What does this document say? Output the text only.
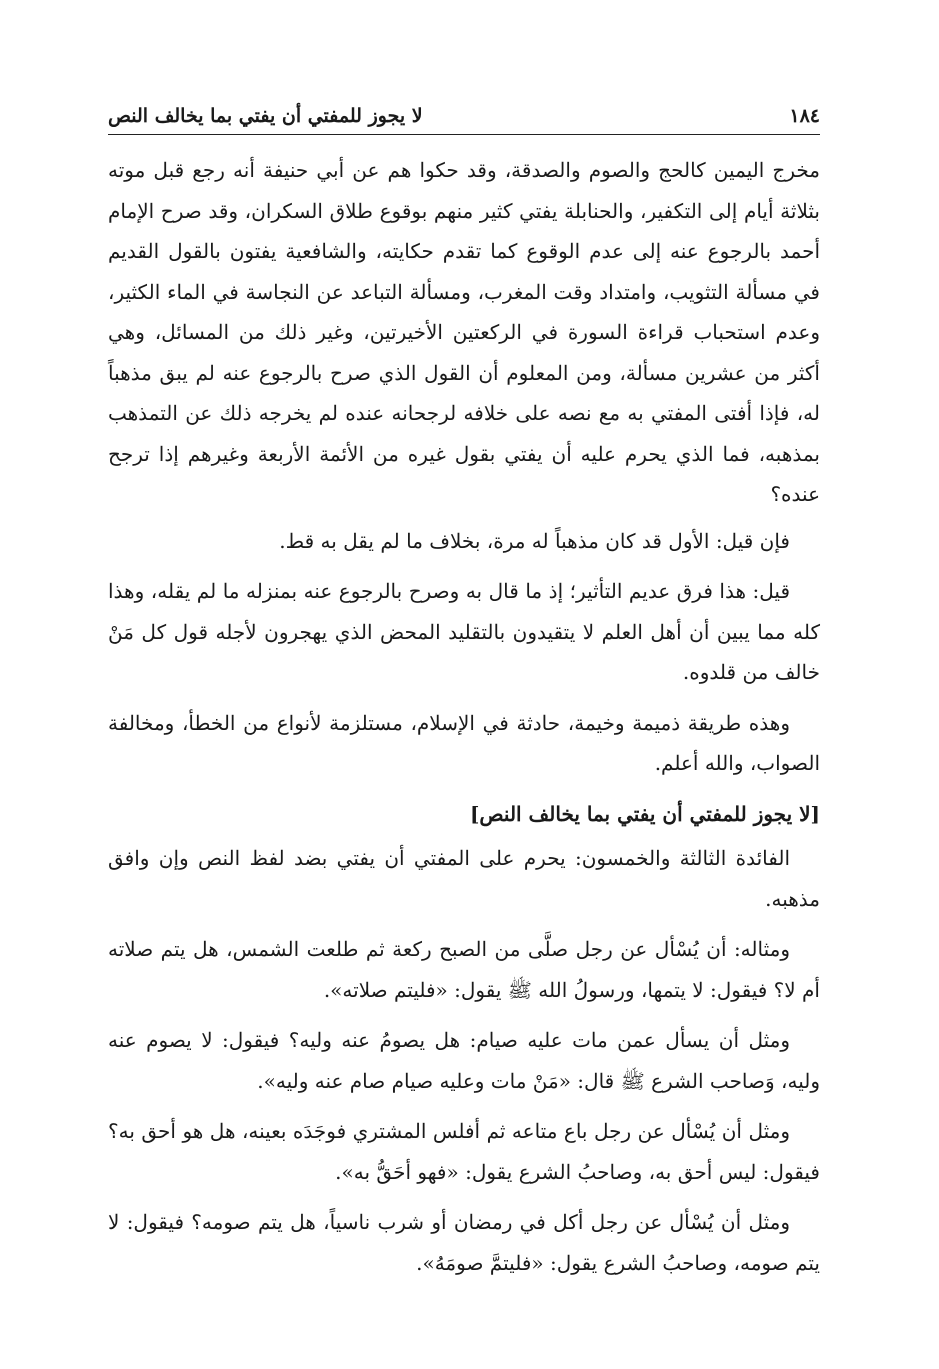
١٨٤
لا يجوز للمفتي أن يفتي بما يخالف النص

مخرج اليمين كالحج والصوم والصدقة، وقد حكوا هم عن أبي حنيفة أنه رجع قبل موته بثلاثة أيام إلى التكفير، والحنابلة يفتي كثير منهم بوقوع طلاق السكران، وقد صرح الإمام أحمد بالرجوع عنه إلى عدم الوقوع كما تقدم حكايته، والشافعية يفتون بالقول القديم في مسألة التثويب، وامتداد وقت المغرب، ومسألة التباعد عن النجاسة في الماء الكثير، وعدم استحباب قراءة السورة في الركعتين الأخيرتين، وغير ذلك من المسائل، وهي أكثر من عشرين مسألة، ومن المعلوم أن القول الذي صرح بالرجوع عنه لم يبق مذهباً له، فإذا أفتى المفتي به مع نصه على خلافه لرجحانه عنده لم يخرجه ذلك عن التمذهب بمذهبه، فما الذي يحرم عليه أن يفتي بقول غيره من الأئمة الأربعة وغيرهم إذا ترجح عنده؟

فإن قيل: الأول قد كان مذهباً له مرة، بخلاف ما لم يقل به قط.

قيل: هذا فرق عديم التأثير؛ إذ ما قال به وصرح بالرجوع عنه بمنزله ما لم يقله، وهذا كله مما يبين أن أهل العلم لا يتقيدون بالتقليد المحض الذي يهجرون لأجله قول كل مَنْ خالف من قلدوه.

وهذه طريقة ذميمة وخيمة، حادثة في الإسلام، مستلزمة لأنواع من الخطأ، ومخالفة الصواب، والله أعلم.

[لا يجوز للمفتي أن يفتي بما يخالف النص]

الفائدة الثالثة والخمسون: يحرم على المفتي أن يفتي بضد لفظ النص وإن وافق مذهبه.

ومثاله: أن يُسْأل عن رجل صلَّى من الصبح ركعة ثم طلعت الشمس، هل يتم صلاته أم لا؟ فيقول: لا يتمها، ورسولُ الله ﷺ يقول: «فليتم صلاته».

ومثل أن يسأل عمن مات عليه صيام: هل يصومُ عنه وليه؟ فيقول: لا يصوم عنه وليه، وَصاحب الشرع ﷺ قال: «مَنْ مات وعليه صيام صام عنه وليه».

ومثل أن يُسْأل عن رجل باع متاعه ثم أفلس المشتري فوجَدَه بعينه، هل هو أحق به؟ فيقول: ليس أحق به، وصاحبُ الشرع يقول: «فهو أحَقُّ به».

ومثل أن يُسْأل عن رجل أكل في رمضان أو شرب ناسياً، هل يتم صومه؟ فيقول: لا يتم صومه، وصاحبُ الشرع يقول: «فليتمَّ صومَهُ».
